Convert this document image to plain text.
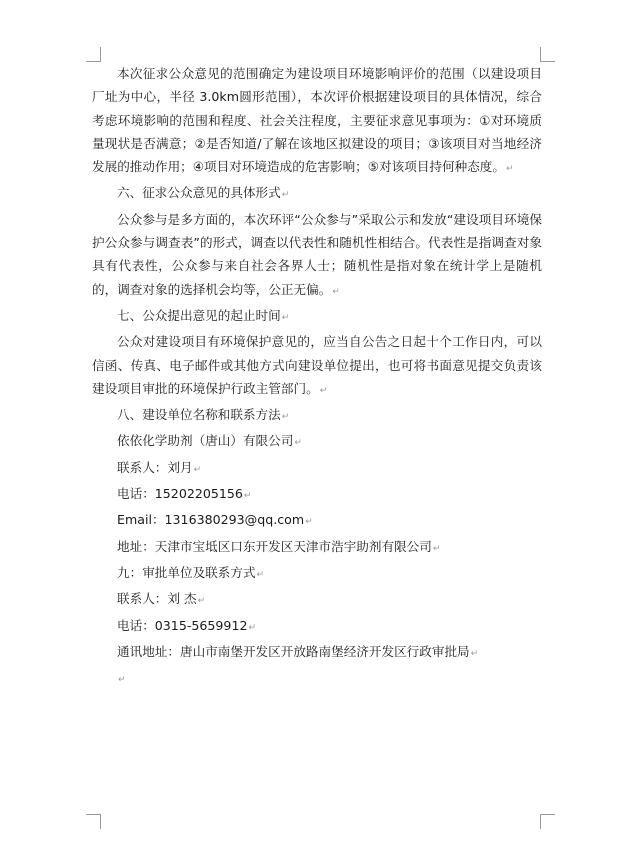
本次征求公众意见的范围确定为建设项目环境影响评价的范围（以建设项目厂址为中心，半径 3.0km圆形范围），本次评价根据建设项目的具体情况，综合考虑环境影响的范围和程度、社会关注程度，主要征求意见事项为：①对环境质量现状是否满意；②是否知道/了解在该地区拟建设的项目；③该项目对当地经济发展的推动作用；④项目对环境造成的危害影响；⑤对该项目持何种态度。 ↵

六、征求公众意见的具体形式 ↵

公众参与是多方面的，本次环评“公众参与”采取公示和发放“建设项目环境保护公众参与调查表”的形式，调查以代表性和随机性相结合。代表性是指调查对象具有代表性，公众参与来自社会各界人士；随机性是指对象在统计学上是随机的，调查对象的选择机会均等，公正无偏。 ↵

七、公众提出意见的起止时间 ↵

公众对建设项目有环境保护意见的，应当自公告之日起十个工作日内，可以信函、传真、电子邮件或其他方式向建设单位提出，也可将书面意见提交负责该建设项目审批的环境保护行政主管部门。 ↵

八、建设单位名称和联系方法 ↵
依依化学助剂（唐山）有限公司 ↵
联系人：刘月 ↵
电话：15202205156 ↵
Email：1316380293@qq.com ↵
地址：天津市宝坻区口东开发区天津市浩宇助剂有限公司 ↵
九：审批单位及联系方式 ↵
联系人：刘 杰 ↵
电话：0315-5659912 ↵
通讯地址：唐山市南堡开发区开放路南堡经济开发区行政审批局 ↵
↵
